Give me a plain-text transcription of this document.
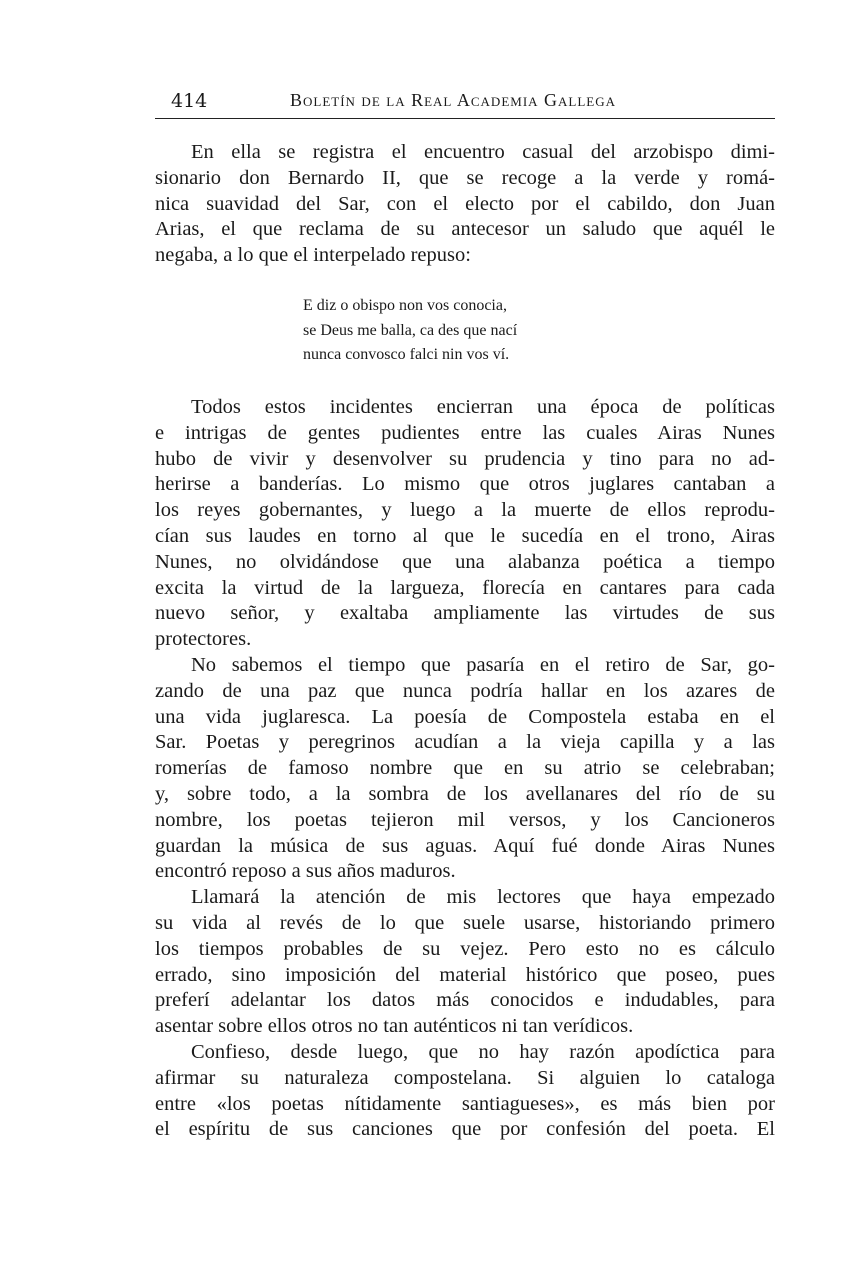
414	Boletín de la Real Academia Gallega
En ella se registra el encuentro casual del arzobispo dimi-
sionario don Bernardo II, que se recoge a la verde y romá-
nica suavidad del Sar, con el electo por el cabildo, don Juan
Arias, el que reclama de su antecesor un saludo que aquél le
negaba, a lo que el interpelado repuso:
E diz o obispo non vos conocia,
se Deus me balla, ca des que nací
nunca convosco falci nin vos ví.
Todos estos incidentes encierran una época de políticas
e intrigas de gentes pudientes entre las cuales Airas Nunes
hubo de vivir y desenvolver su prudencia y tino para no ad-
herirse a banderías. Lo mismo que otros juglares cantaban a
los reyes gobernantes, y luego a la muerte de ellos reprodu-
cían sus laudes en torno al que le sucedía en el trono, Airas
Nunes, no olvidándose que una alabanza poética a tiempo
excita la virtud de la largueza, florecía en cantares para cada
nuevo señor, y exaltaba ampliamente las virtudes de sus
protectores.
No sabemos el tiempo que pasaría en el retiro de Sar, go-
zando de una paz que nunca podría hallar en los azares de
una vida juglaresca. La poesía de Compostela estaba en el
Sar. Poetas y peregrinos acudían a la vieja capilla y a las
romerías de famoso nombre que en su atrio se celebraban;
y, sobre todo, a la sombra de los avellanares del río de su
nombre, los poetas tejieron mil versos, y los Cancioneros
guardan la música de sus aguas. Aquí fué donde Airas Nunes
encontró reposo a sus años maduros.
Llamará la atención de mis lectores que haya empezado
su vida al revés de lo que suele usarse, historiando primero
los tiempos probables de su vejez. Pero esto no es cálculo
errado, sino imposición del material histórico que poseo, pues
preferí adelantar los datos más conocidos e indudables, para
asentar sobre ellos otros no tan auténticos ni tan verídicos.
Confieso, desde luego, que no hay razón apodíctica para
afirmar su naturaleza compostelana. Si alguien lo cataloga
entre «los poetas nítidamente santiagueses», es más bien por
el espíritu de sus canciones que por confesión del poeta. El
